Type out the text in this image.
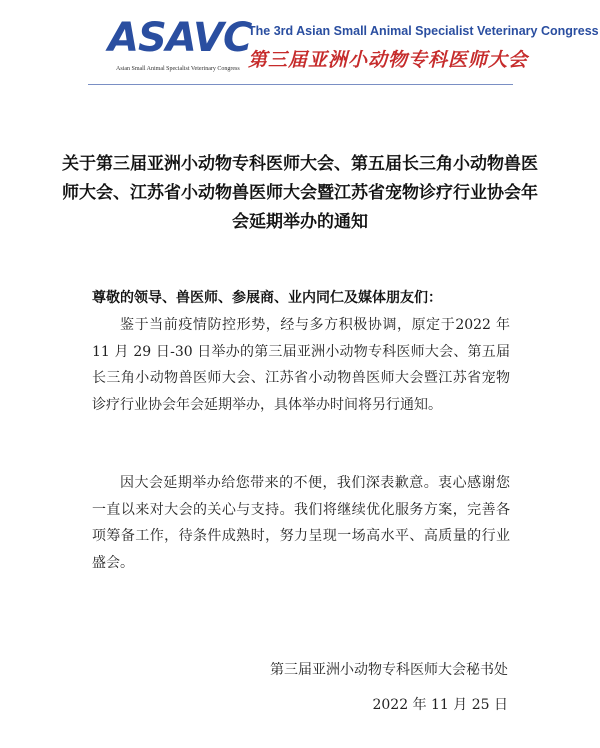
ASAVC
Asian Small Animal Specialist Veterinary Congress
The 3rd Asian Small Animal Specialist Veterinary Congress
第三届亚洲小动物专科医师大会
关于第三届亚洲小动物专科医师大会、第五届长三角小动物兽医师大会、江苏省小动物兽医师大会暨江苏省宠物诊疗行业协会年会延期举办的通知
尊敬的领导、兽医师、参展商、业内同仁及媒体朋友们：
鉴于当前疫情防控形势，经与多方积极协调，原定于2022 年 11 月 29 日-30 日举办的第三届亚洲小动物专科医师大会、第五届长三角小动物兽医师大会、江苏省小动物兽医师大会暨江苏省宠物诊疗行业协会年会延期举办，具体举办时间将另行通知。
因大会延期举办给您带来的不便，我们深表歉意。衷心感谢您一直以来对大会的关心与支持。我们将继续优化服务方案，完善各项筹备工作，待条件成熟时，努力呈现一场高水平、高质量的行业盛会。
第三届亚洲小动物专科医师大会秘书处
2022 年 11 月 25 日
